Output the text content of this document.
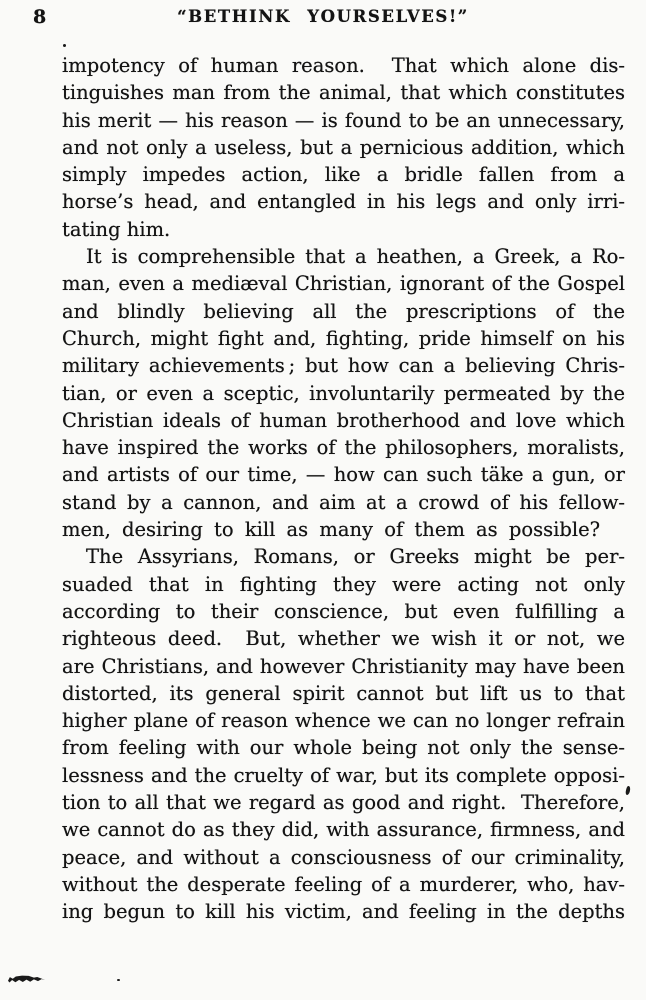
8	“BETHINK YOURSELVES!”
impotency of human reason.  That which alone dis-
tinguishes man from the animal, that which constitutes
his merit — his reason — is found to be an unnecessary,
and not only a useless, but a pernicious addition, which
simply impedes action, like a bridle fallen from a
horse’s head, and entangled in his legs and only irri-
tating him.
It is comprehensible that a heathen, a Greek, a Ro-
man, even a mediæval Christian, ignorant of the Gospel
and blindly believing all the prescriptions of the
Church, might fight and, fighting, pride himself on his
military achievements ; but how can a believing Chris-
tian, or even a sceptic, involuntarily permeated by the
Christian ideals of human brotherhood and love which
have inspired the works of the philosophers, moralists,
and artists of our time, — how can such täke a gun, or
stand by a cannon, and aim at a crowd of his fellow-
men, desiring to kill as many of them as possible?
The Assyrians, Romans, or Greeks might be per-
suaded that in fighting they were acting not only
according to their conscience, but even fulfilling a
righteous deed.  But, whether we wish it or not, we
are Christians, and however Christianity may have been
distorted, its general spirit cannot but lift us to that
higher plane of reason whence we can no longer refrain
from feeling with our whole being not only the sense-
lessness and the cruelty of war, but its complete opposi-
tion to all that we regard as good and right.  Therefore,
we cannot do as they did, with assurance, firmness, and
peace, and without a consciousness of our criminality,
without the desperate feeling of a murderer, who, hav-
ing begun to kill his victim, and feeling in the depths
